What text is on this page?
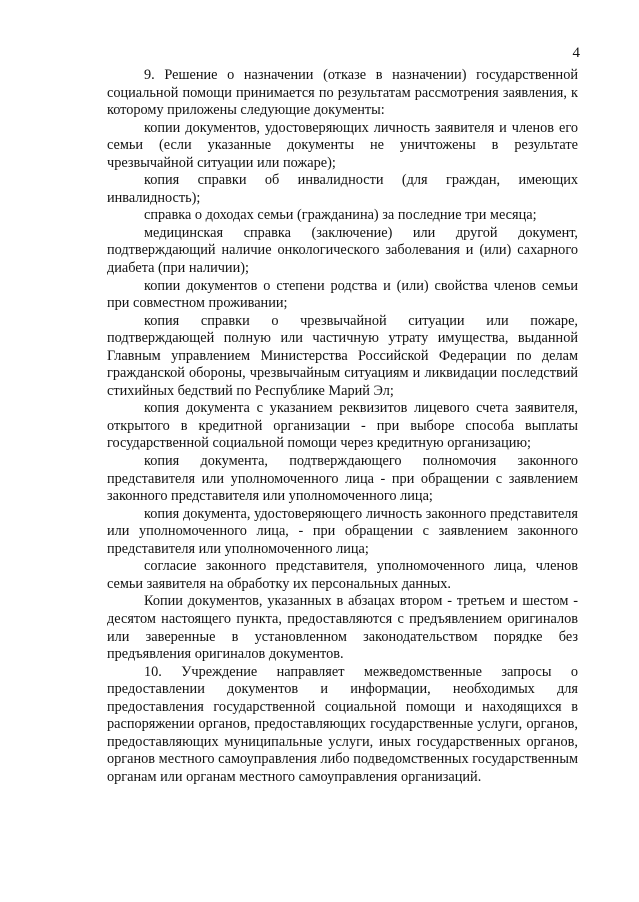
4

9. Решение о назначении (отказе в назначении) государственной социальной помощи принимается по результатам рассмотрения заявления, к которому приложены следующие документы:

копии документов, удостоверяющих личность заявителя и членов его семьи (если указанные документы не уничтожены в результате чрезвычайной ситуации или пожаре);

копия справки об инвалидности (для граждан, имеющих инвалидность);

справка о доходах семьи (гражданина) за последние три месяца;

медицинская справка (заключение) или другой документ, подтверждающий наличие онкологического заболевания и (или) сахарного диабета (при наличии);

копии документов о степени родства и (или) свойства членов семьи при совместном проживании;

копия справки о чрезвычайной ситуации или пожаре, подтверждающей полную или частичную утрату имущества, выданной Главным управлением Министерства Российской Федерации по делам гражданской обороны, чрезвычайным ситуациям и ликвидации последствий стихийных бедствий по Республике Марий Эл;

копия документа с указанием реквизитов лицевого счета заявителя, открытого в кредитной организации - при выборе способа выплаты государственной социальной помощи через кредитную организацию;

копия документа, подтверждающего полномочия законного представителя или уполномоченного лица - при обращении с заявлением законного представителя или уполномоченного лица;

копия документа, удостоверяющего личность законного представителя или уполномоченного лица, - при обращении с заявлением законного представителя или уполномоченного лица;

согласие законного представителя, уполномоченного лица, членов семьи заявителя на обработку их персональных данных.

Копии документов, указанных в абзацах втором - третьем и шестом - десятом настоящего пункта, предоставляются с предъявлением оригиналов или заверенные в установленном законодательством порядке без предъявления оригиналов документов.

10. Учреждение направляет межведомственные запросы о предоставлении документов и информации, необходимых для предоставления государственной социальной помощи и находящихся в распоряжении органов, предоставляющих государственные услуги, органов, предоставляющих муниципальные услуги, иных государственных органов, органов местного самоуправления либо подведомственных государственным органам или органам местного самоуправления организаций.
